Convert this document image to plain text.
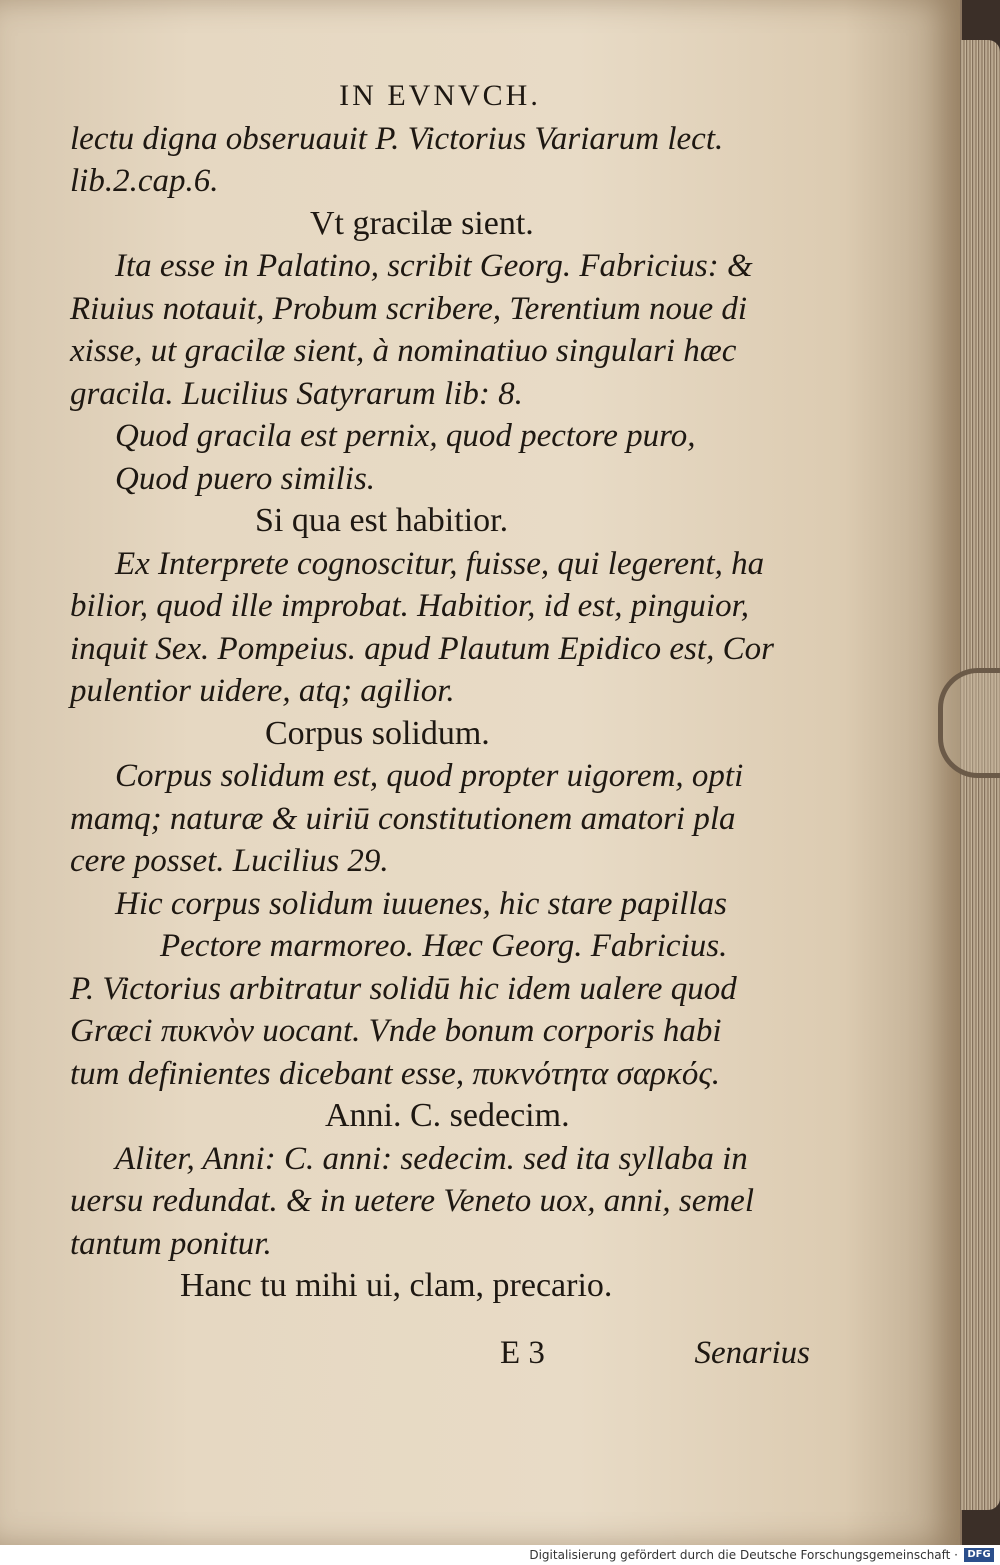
IN EVNVCH.
lectu digna obseruauit P. Victorius Variarum lect.
lib.2.cap.6.
Vt gracilæ sient.
Ita esse in Palatino, scribit Georg. Fabricius: &
Riuius notauit, Probum scribere, Terentium noue di
xisse, ut gracilæ sient, à nominatiuo singulari hæc
gracila. Lucilius Satyrarum lib: 8.
Quod gracila est pernix, quod pectore puro,
Quod puero similis.
Si qua est habitior.
Ex Interprete cognoscitur, fuisse, qui legerent, ha
bilior, quod ille improbat. Habitior, id est, pinguior,
inquit Sex. Pompeius. apud Plautum Epidico est, Cor
pulentior uidere, atq; agilior.
Corpus solidum.
Corpus solidum est, quod propter uigorem, opti
mamq; naturæ & uiriū constitutionem amatori pla
cere posset. Lucilius 29.
Hic corpus solidum iuuenes, hic stare papillas
Pectore marmoreo. Hæc Georg. Fabricius.
P. Victorius arbitratur solidū hic idem ualere quod
Græci πυκνὸν uocant. Vnde bonum corporis habi
tum definientes dicebant esse, πυκνότητα σαρκός.
Anni. C. sedecim.
Aliter, Anni: C. anni: sedecim. sed ita syllaba in
uersu redundat. & in uetere Veneto uox, anni, semel
tantum ponitur.
Hanc tu mihi ui, clam, precario.
E 3	Senarius
Digitalisierung gefördert durch die Deutsche Forschungsgemeinschaft · DFG
